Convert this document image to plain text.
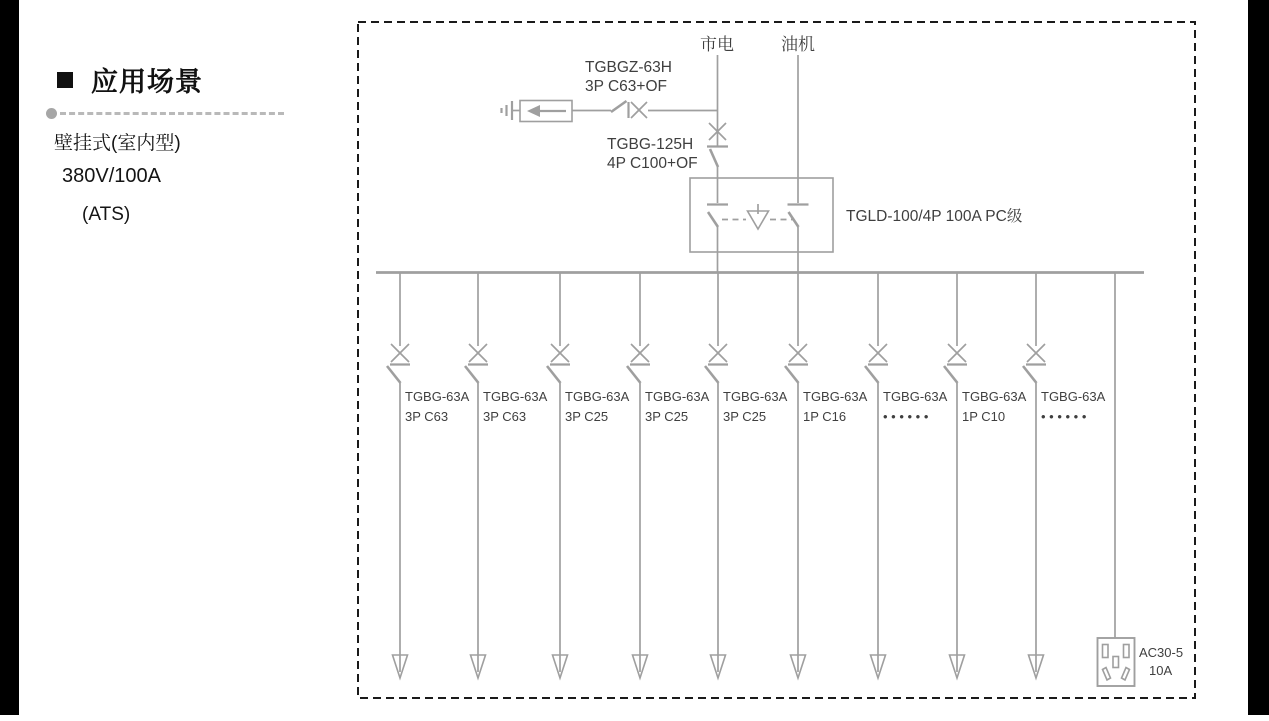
应用场景
壁挂式(室内型)
380V/100A
(ATS)
市电	油机
TGBGZ-63H
3P C63+OF
TGBG-125H
4P C100+OF
TGLD-100/4P 100A PC级
TGBG-63A
3P C63
TGBG-63A
3P C63
TGBG-63A
3P C25
TGBG-63A
3P C25
TGBG-63A
3P C25
TGBG-63A
1P C16
TGBG-63A
• • • • • •
TGBG-63A
1P C10
TGBG-63A
• • • • • •
AC30-5
10A
